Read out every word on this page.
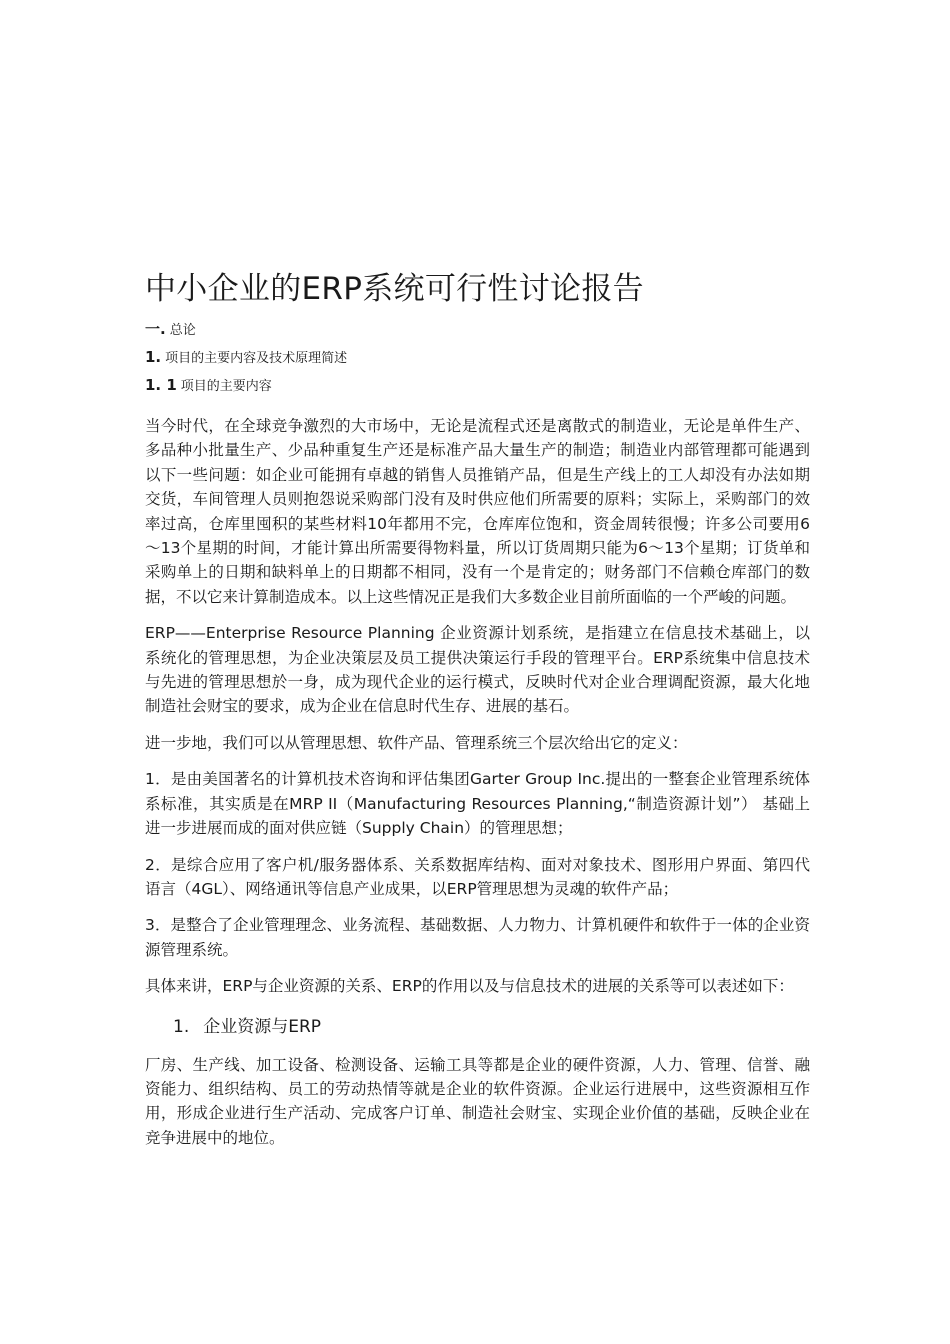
中小企业的ERP系统可行性讨论报告

一. 总论

1. 项目的主要内容及技术原理简述

1. 1 项目的主要内容

当今时代，在全球竞争激烈的大市场中，无论是流程式还是离散式的制造业，无论是单件生产、多品种小批量生产、少品种重复生产还是标准产品大量生产的制造；制造业内部管理都可能遇到以下一些问题：如企业可能拥有卓越的销售人员推销产品，但是生产线上的工人却没有办法如期交货，车间管理人员则抱怨说采购部门没有及时供应他们所需要的原料；实际上，采购部门的效率过高，仓库里囤积的某些材料10年都用不完，仓库库位饱和，资金周转很慢；许多公司要用6～13个星期的时间，才能计算出所需要得物料量，所以订货周期只能为6～13个星期；订货单和采购单上的日期和缺料单上的日期都不相同，没有一个是肯定的；财务部门不信赖仓库部门的数据，不以它来计算制造成本。以上这些情况正是我们大多数企业目前所面临的一个严峻的问题。

ERP——Enterprise Resource Planning 企业资源计划系统，是指建立在信息技术基础上，以系统化的管理思想，为企业决策层及员工提供决策运行手段的管理平台。ERP系统集中信息技术与先进的管理思想於一身，成为现代企业的运行模式，反映时代对企业合理调配资源，最大化地制造社会财宝的要求，成为企业在信息时代生存、进展的基石。

进一步地，我们可以从管理思想、软件产品、管理系统三个层次给出它的定义：

1．是由美国著名的计算机技术咨询和评估集团Garter Group Inc.提出的一整套企业管理系统体系标准，其实质是在MRP II（Manufacturing Resources Planning,“制造资源计划”） 基础上进一步进展而成的面对供应链（Supply Chain）的管理思想；

2．是综合应用了客户机/服务器体系、关系数据库结构、面对对象技术、图形用户界面、第四代语言（4GL）、网络通讯等信息产业成果，以ERP管理思想为灵魂的软件产品；

3．是整合了企业管理理念、业务流程、基础数据、人力物力、计算机硬件和软件于一体的企业资源管理系统。

具体来讲，ERP与企业资源的关系、ERP的作用以及与信息技术的进展的关系等可以表述如下：

1. 企业资源与ERP

厂房、生产线、加工设备、检测设备、运输工具等都是企业的硬件资源，人力、管理、信誉、融资能力、组织结构、员工的劳动热情等就是企业的软件资源。企业运行进展中，这些资源相互作用，形成企业进行生产活动、完成客户订单、制造社会财宝、实现企业价值的基础，反映企业在竞争进展中的地位。
